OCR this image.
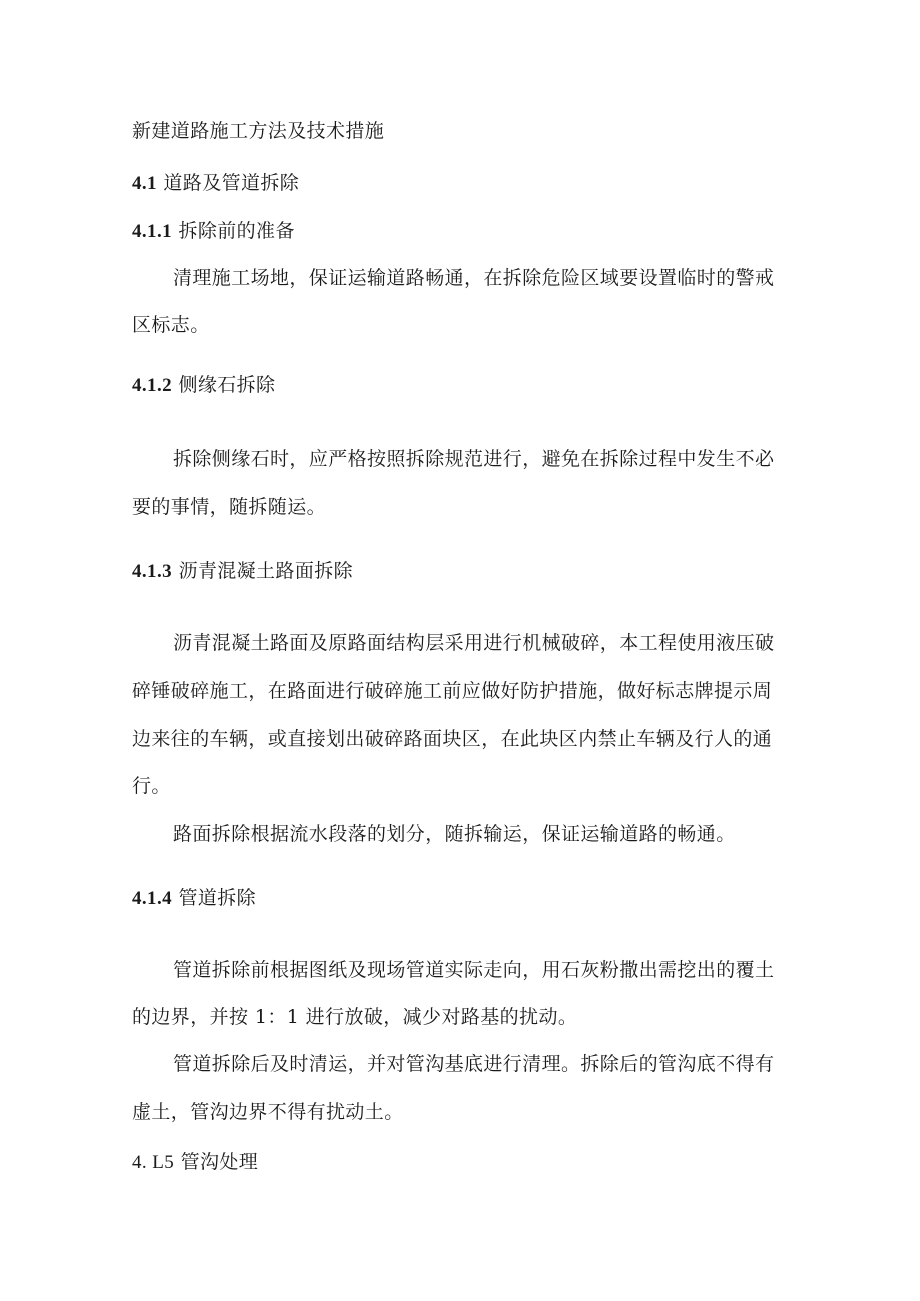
新建道路施工方法及技术措施
4.1 道路及管道拆除
4.1.1 拆除前的准备
清理施工场地，保证运输道路畅通，在拆除危险区域要设置临时的警戒
区标志。
4.1.2 侧缘石拆除
拆除侧缘石时，应严格按照拆除规范进行，避免在拆除过程中发生不必
要的事情，随拆随运。
4.1.3 沥青混凝土路面拆除
沥青混凝土路面及原路面结构层采用进行机械破碎，本工程使用液压破
碎锤破碎施工，在路面进行破碎施工前应做好防护措施，做好标志牌提示周
边来往的车辆，或直接划出破碎路面块区，在此块区内禁止车辆及行人的通
行。
路面拆除根据流水段落的划分，随拆输运，保证运输道路的畅通。
4.1.4 管道拆除
管道拆除前根据图纸及现场管道实际走向，用石灰粉撒出需挖出的覆土
的边界，并按 1：1 进行放破，减少对路基的扰动。
管道拆除后及时清运，并对管沟基底进行清理。拆除后的管沟底不得有
虚土，管沟边界不得有扰动土。
4. L5 管沟处理
